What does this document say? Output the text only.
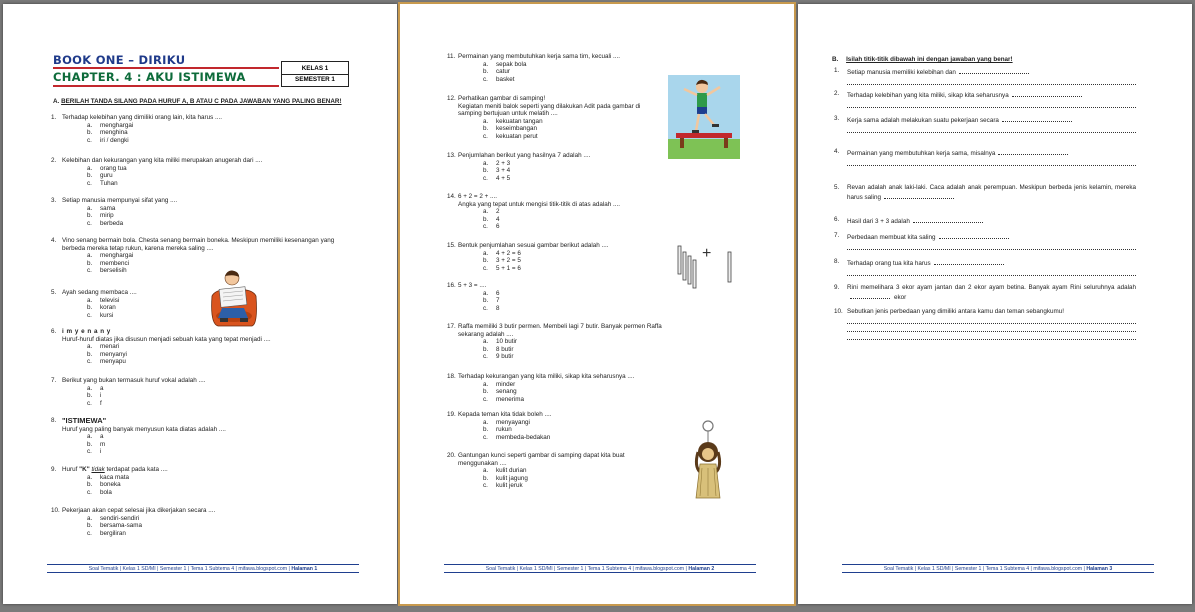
BOOK ONE – DIRIKU
CHAPTER. 4 : AKU ISTIMEWA
KELAS 1
SEMESTER 1
A. BERILAH TANDA SILANG PADA HURUF A, B ATAU C PADA JAWABAN YANG PALING BENAR!
1. Terhadap kelebihan yang dimiliki orang lain, kita harus ....
a.	menghargai
b.	menghina
c.	iri / dengki
2. Kelebihan dan kekurangan yang kita miliki merupakan anugerah dari ....
a.	orang tua
b.	guru
c.	Tuhan
3. Setiap manusia mempunyai sifat yang ....
a.	sama
b.	mirip
c.	berbeda
4. Vino senang bermain bola. Chesta senang bermain boneka. Meskipun memiliki kesenangan yang berbeda mereka tetap rukun, karena mereka saling ....
a.	menghargai
b.	membenci
c.	berselisih
5. Ayah sedang membaca ....
a.	televisi
b.	koran
c.	kursi
6. i m y e n a n y
Huruf-huruf diatas jika disusun menjadi sebuah kata yang tepat menjadi ....
a.	menari
b.	menyanyi
c.	menyapu
7. Berikut yang bukan termasuk huruf vokal adalah ....
a.	a
b.	i
c.	f
8. "ISTIMEWA"
Huruf yang paling banyak menyusun kata diatas adalah ....
a.	a
b.	m
c.	i
9. Huruf "K" tidak terdapat pada kata ....
a.	kaca mata
b.	boneka
c.	bola
10. Pekerjaan akan cepat selesai jika dikerjakan secara ....
a.	sendiri-sendiri
b.	bersama-sama
c.	bergiliran
Soal Tematik | Kelas 1 SD/MI | Semester 1 | Tema 1 Subtema 4 | mifawa.blogspot.com | Halaman 1
11. Permainan yang membutuhkan kerja sama tim, kecuali ....
a.	sepak bola
b.	catur
c.	basket
12. Perhatikan gambar di samping!
Kegiatan meniti balok seperti yang dilakukan Adit pada gambar di samping bertujuan untuk melatih ....
a.	kekuatan tangan
b.	keseimbangan
c.	kekuatan perut
13. Penjumlahan berikut yang hasilnya 7 adalah ....
a.	2 + 3
b.	3 + 4
c.	4 + 5
14. 6 + 2 = 2 + ....
Angka yang tepat untuk mengisi titik-titik di atas adalah ....
a.	2
b.	4
c.	6
15. Bentuk penjumlahan sesuai gambar berikut adalah ....
a.	4 + 2 = 6
b.	3 + 2 = 5
c.	5 + 1 = 6
16. 5 + 3 = ....
a.	6
b.	7
c.	8
17. Raffa memiliki 3 butir permen. Membeli lagi 7 butir. Banyak permen Raffa sekarang adalah ....
a.	10 butir
b.	8 butir
c.	9 butir
18. Terhadap kekurangan yang kita miliki, sikap kita seharusnya ....
a.	minder
b.	senang
c.	menerima
19. Kepada teman kita tidak boleh ....
a.	menyayangi
b.	rukun
c.	membeda-bedakan
20. Gantungan kunci seperti gambar di samping dapat kita buat menggunakan ....
a.	kulit durian
b.	kulit jagung
c.	kulit jeruk
+
Soal Tematik | Kelas 1 SD/MI | Semester 1 | Tema 1 Subtema 4 | mifawa.blogspot.com | Halaman 2
B. Isilah titik-titik dibawah ini dengan jawaban yang benar!
1. Setiap manusia memiliki kelebihan dan
2. Terhadap kelebihan yang kita miliki, sikap kita seharusnya
3. Kerja sama adalah melakukan suatu pekerjaan secara
4. Permainan yang membutuhkan kerja sama, misalnya
5. Revan adalah anak laki-laki. Caca adalah anak perempuan. Meskipun berbeda jenis kelamin, mereka harus saling
6. Hasil dari 3 + 3 adalah
7. Perbedaan membuat kita saling
8. Terhadap orang tua kita harus
9. Rini memelihara 3 ekor ayam jantan dan 2 ekor ayam betina. Banyak ayam Rini seluruhnya adalahekor
10. Sebutkan jenis perbedaan yang dimiliki antara kamu dan teman sebangkumu!
Soal Tematik | Kelas 1 SD/MI | Semester 1 | Tema 1 Subtema 4 | mifawa.blogspot.com | Halaman 3
